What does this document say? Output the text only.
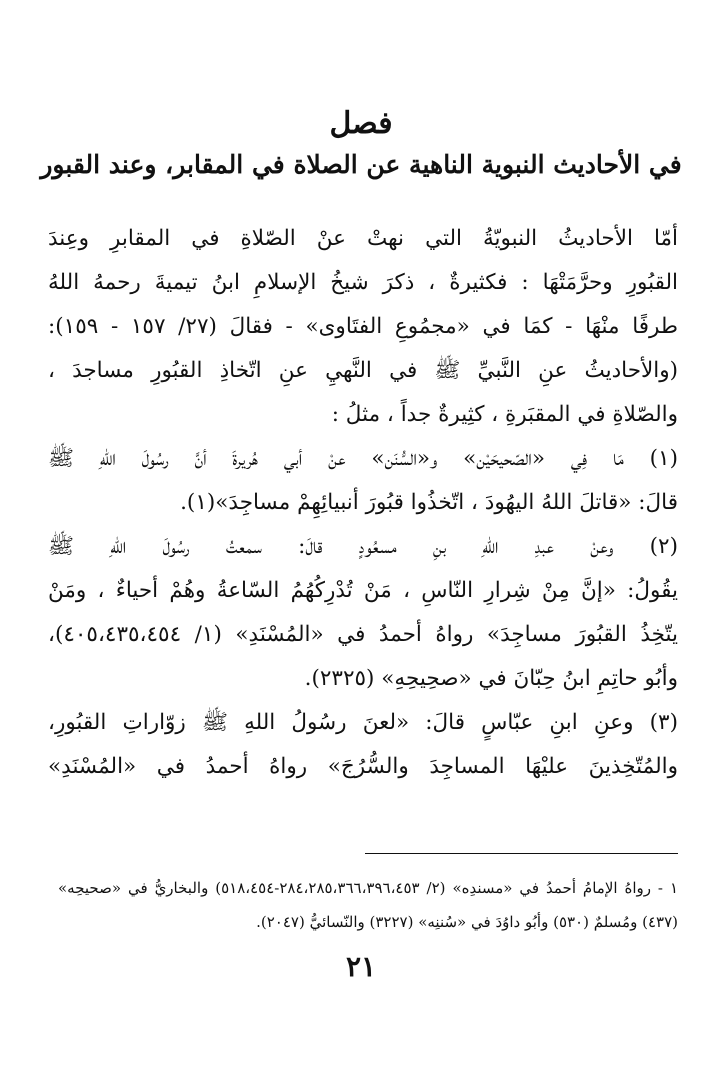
فصل
في الأحاديث النبوية الناهية عن الصلاة في المقابر، وعند القبور
أمّا الأحاديثُ النبويّةُ التي نهتْ عنْ الصّلاةِ في المقابرِ وعِندَ
القبُورِ وحرَّمَتْهَا : فكثيرةٌ ، ذكرَ شيخُ الإسلامِ ابنُ تيميةَ رحمهُ اللهُ
طرفًا منْهَا - كمَا في «مجمُوعِ الفتَاوى» - فقالَ (٢٧/ ١٥٧ - ١٥٩):
(والأحاديثُ عنِ النَّبيِّ ﷺ في النَّهيِ عنِ اتّخاذِ القبُورِ مساجدَ ،
والصّلاةِ في المقبَرةِ ، كثِيرةٌ جداً ، مثلُ :
(١) مَا فِي «الصّحيحَيْن» و«السُّنَن» عنْ أبي هُريرةَ أنَّ رسُولَ اللهِ ﷺ
قالَ: «قاتلَ اللهُ اليهُودَ ، اتّخذُوا قبُورَ أنبيائِهِمْ مساجِدَ»(١).
(٢) وعنْ عبدِ اللهِ بنِ مسعُودٍ قالَ: سمعتُ رسُولَ اللهِ ﷺ
يقُولُ: «إنَّ مِنْ شِرارِ النّاسِ ، مَنْ تُدْرِكُهُمُ السّاعةُ وهُمْ أحياءٌ ، ومَنْ
يتّخِذُ القبُورَ مساجِدَ» رواهُ أحمدُ في «المُسْنَدِ» (١/ ٤٠٥،٤٣٥،٤٥٤)،
وأبُو حاتِمِ ابنُ حِبّانَ في «صحِيحِهِ» (٢٣٢٥).
(٣) وعنِ ابنِ عبّاسٍ قالَ: «لعنَ رسُولُ اللهِ ﷺ زوّاراتِ القبُورِ،
والمُتّخِذينَ عليْهَا المساجِدَ والسُّرُجَ» رواهُ أحمدُ في «المُسْنَدِ»
١ - رواهُ الإمامُ أحمدُ في «مسندِه» (٢/ ٢٨٤،٢٨٥،٣٦٦،٣٩٦،٤٥٣-٥١٨،٤٥٤) والبخاريُّ في «صحيحِه»
(٤٣٧) ومُسلمٌ (٥٣٠) وأبُو داوُدَ في «سُننِه» (٣٢٢٧) والنّسائيُّ (٢٠٤٧).
٢١
